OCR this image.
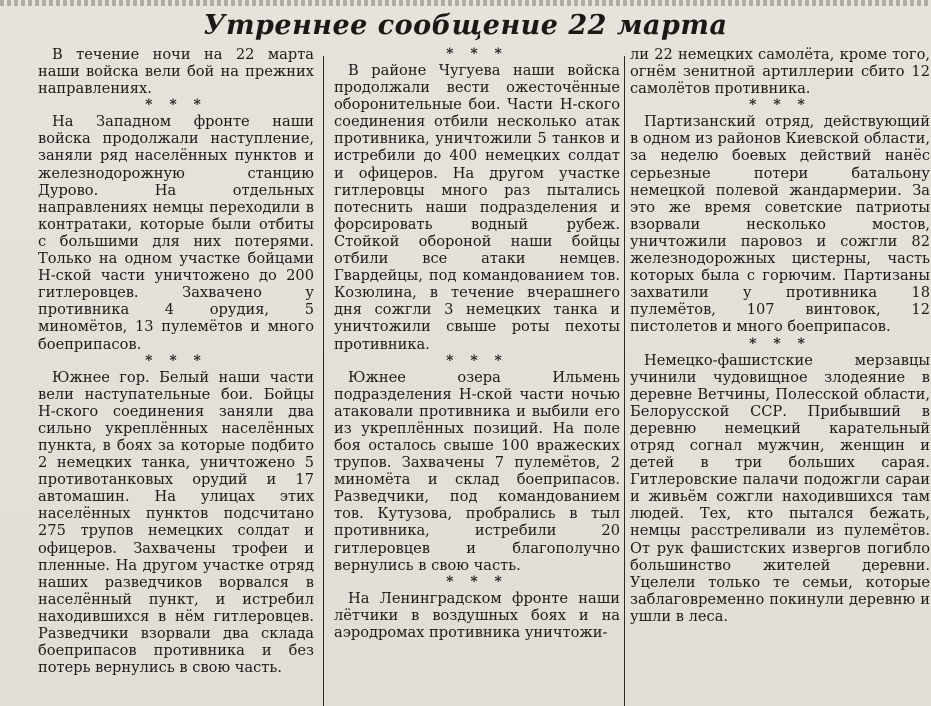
Утреннее сообщение 22 марта

В течение ночи на 22 марта наши войска вели бой на прежних направлениях.

* * *

На Западном фронте наши войска продолжали наступление, заняли ряд населённых пунктов и железнодорожную станцию Дурово. На отдельных направлениях немцы переходили в контратаки, которые были отбиты с большими для них потерями. Только на одном участке бойцами Н-ской части уничтожено до 200 гитлеровцев. Захвачено у противника 4 орудия, 5 миномётов, 13 пулемётов и много боеприпасов.

* * *

Южнее гор. Белый наши части вели наступательные бои. Бойцы Н-ского соединения заняли два сильно укреплённых населённых пункта, в боях за которые подбито 2 немецких танка, уничтожено 5 противотанковых орудий и 17 автомашин. На улицах этих населённых пунктов подсчитано 275 трупов немецких солдат и офицеров. Захвачены трофеи и пленные. На другом участке отряд наших разведчиков ворвался в населённый пункт, и истребил находившихся в нём гитлеровцев. Разведчики взорвали два склада боеприпасов противника и без потерь вернулись в свою часть.

* * *

В районе Чугуева наши войска продолжали вести ожесточённые оборонительные бои. Части Н-ского соединения отбили несколько атак противника, уничтожили 5 танков и истребили до 400 немецких солдат и офицеров. На другом участке гитлеровцы много раз пытались потеснить наши подразделения и форсировать водный рубеж. Стойкой обороной наши бойцы отбили все атаки немцев. Гвардейцы, под командованием тов. Козюлина, в течение вчерашнего дня сожгли 3 немецких танка и уничтожили свыше роты пехоты противника.

* * *

Южнее озера Ильмень подразделения Н-ской части ночью атаковали противника и выбили его из укреплённых позиций. На поле боя осталось свыше 100 вражеских трупов. Захвачены 7 пулемётов, 2 миномёта и склад боеприпасов. Разведчики, под командованием тов. Кутузова, пробрались в тыл противника, истребили 20 гитлеровцев и благополучно вернулись в свою часть.

* * *

На Ленинградском фронте наши лётчики в воздушных боях и на аэродромах противника уничтожи-

ли 22 немецких самолёта, кроме того, огнём зенитной артиллерии сбито 12 самолётов противника.

* * *

Партизанский отряд, действующий в одном из районов Киевской области, за неделю боевых действий нанёс серьезные потери батальону немецкой полевой жандармерии. За это же время советские патриоты взорвали несколько мостов, уничтожили паровоз и сожгли 82 железнодорожных цистерны, часть которых была с горючим. Партизаны захватили у противника 18 пулемётов, 107 винтовок, 12 пистолетов и много боеприпасов.

* * *

Немецко-фашистские мерзавцы учинили чудовищное злодеяние в деревне Ветчины, Полесской области, Белорусской ССР. Прибывший в деревню немецкий карательный отряд согнал мужчин, женщин и детей в три больших сарая. Гитлеровские палачи подожгли сараи и живьём сожгли находившихся там людей. Тех, кто пытался бежать, немцы расстреливали из пулемётов. От рук фашистских извергов погибло большинство жителей деревни. Уцелели только те семьи, которые заблаговременно покинули деревню и ушли в леса.
